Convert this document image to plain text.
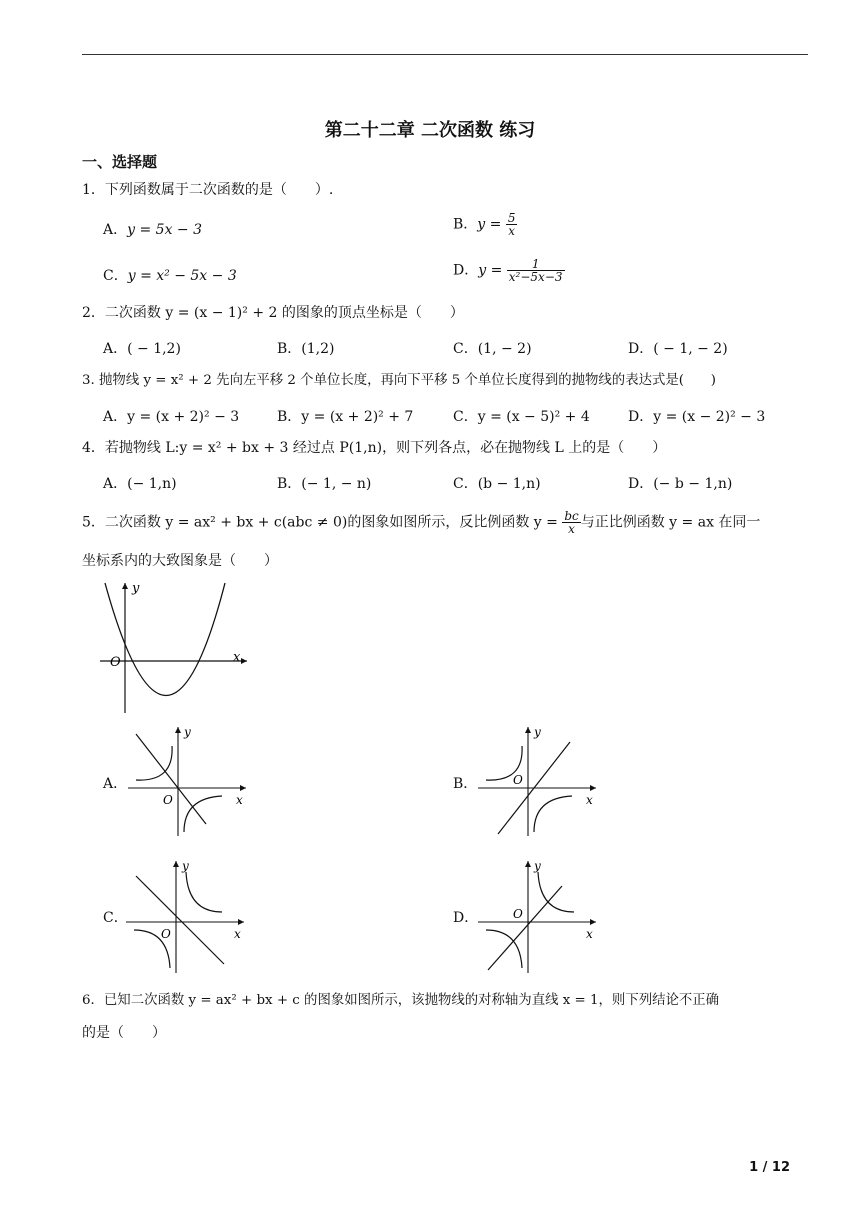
第二十二章 二次函数 练习
一、选择题
1．下列函数属于二次函数的是（　　）.
A．y = 5x − 3	B．$y = \frac{5}{x}$
C．y = x² − 5x − 3	D．$y = \frac{1}{\text{x²−5x−3}}$
2．二次函数 y = (x − 1)² + 2 的图象的顶点坐标是（　　）
A．( − 1,2)	B．(1,2)	C．(1, − 2)	D．( − 1, − 2)
3. 抛物线 y = x² + 2 先向左平移 2 个单位长度，再向下平移 5 个单位长度得到的抛物线的表达式是(　　)
A．y = (x + 2)² − 3	B．y = (x + 2)² + 7	C．y = (x − 5)² + 4	D．y = (x − 2)² − 3
4．若抛物线 L:y = x² + bx + 3 经过点 P(1,n)，则下列各点，必在抛物线 L 上的是（　　）
A．(− 1,n)	B．(− 1, − n)	C．(b − 1,n)	D．(− b − 1,n)
5．二次函数 y = ax² + bx + c(abc ≠ 0)的图象如图所示，反比例函数 $y = \frac{bc}{x}$ 与正比例函数 y = ax 在同一
坐标系内的大致图象是（　　）
y
x
O
A．
y
x
O
B．
y
x
O
C．
y
x
O
D．
y
x
O
6．已知二次函数 y = ax² + bx + c 的图象如图所示，该抛物线的对称轴为直线 x = 1，则下列结论不正确
的是（　　）
1 / 12
